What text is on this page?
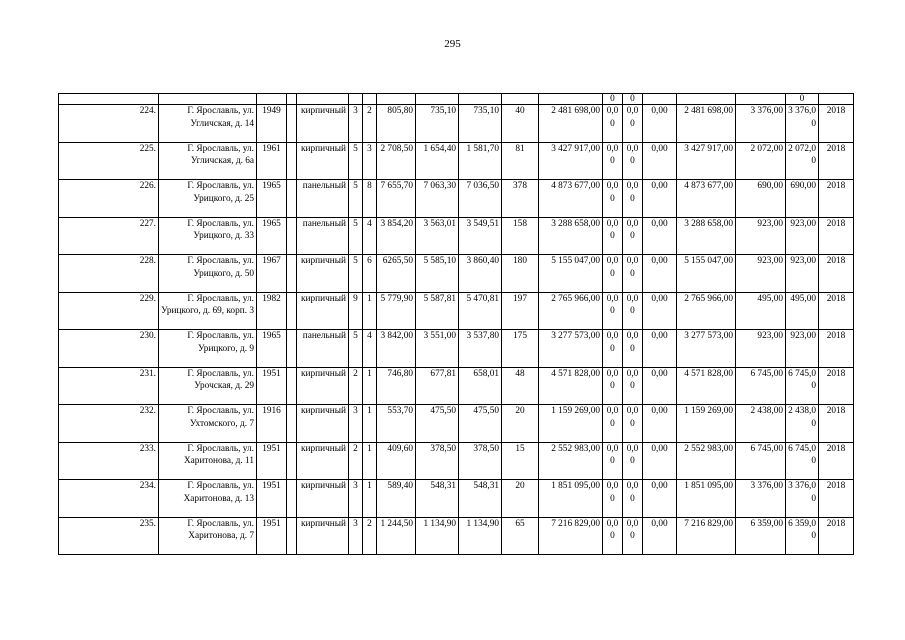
295
												0	0				0	
224.	Г. Ярославль, ул. Угличская, д. 14	1949		кирпичный	3	2	805,80	735,10	735,10	40	2 481 698,00	0,00	0,00	0,00	2 481 698,00	3 376,00	3 376,00	2018
225.	Г. Ярославль, ул. Угличская, д. 6а	1961		кирпичный	5	3	2 708,50	1 654,40	1 581,70	81	3 427 917,00	0,00	0,00	0,00	3 427 917,00	2 072,00	2 072,00	2018
226.	Г. Ярославль, ул. Урицкого, д. 25	1965		панельный	5	8	7 655,70	7 063,30	7 036,50	378	4 873 677,00	0,00	0,00	0,00	4 873 677,00	690,00	690,00	2018
227.	Г. Ярославль, ул. Урицкого, д. 33	1965		панельный	5	4	3 854,20	3 563,01	3 549,51	158	3 288 658,00	0,00	0,00	0,00	3 288 658,00	923,00	923,00	2018
228.	Г. Ярославль, ул. Урицкого, д. 50	1967		кирпичный	5	6	6265,50	5 585,10	3 860,40	180	5 155 047,00	0,00	0,00	0,00	5 155 047,00	923,00	923,00	2018
229.	Г. Ярославль, ул. Урицкого, д. 69, корп. 3	1982		кирпичный	9	1	5 779,90	5 587,81	5 470,81	197	2 765 966,00	0,00	0,00	0,00	2 765 966,00	495,00	495,00	2018
230.	Г. Ярославль, ул. Урицкого, д. 9	1965		панельный	5	4	3 842,00	3 551,00	3 537,80	175	3 277 573,00	0,00	0,00	0,00	3 277 573,00	923,00	923,00	2018
231.	Г. Ярославль, ул. Урочская, д. 29	1951		кирпичный	2	1	746,80	677,81	658,01	48	4 571 828,00	0,00	0,00	0,00	4 571 828,00	6 745,00	6 745,00	2018
232.	Г. Ярославль, ул. Ухтомского, д. 7	1916		кирпичный	3	1	553,70	475,50	475,50	20	1 159 269,00	0,00	0,00	0,00	1 159 269,00	2 438,00	2 438,00	2018
233.	Г. Ярославль, ул. Харитонова, д. 11	1951		кирпичный	2	1	409,60	378,50	378,50	15	2 552 983,00	0,00	0,00	0,00	2 552 983,00	6 745,00	6 745,00	2018
234.	Г. Ярославль, ул. Харитонова, д. 13	1951		кирпичный	3	1	589,40	548,31	548,31	20	1 851 095,00	0,00	0,00	0,00	1 851 095,00	3 376,00	3 376,00	2018
235.	Г. Ярославль, ул. Харитонова, д. 7	1951		кирпичный	3	2	1 244,50	1 134,90	1 134,90	65	7 216 829,00	0,00	0,00	0,00	7 216 829,00	6 359,00	6 359,00	2018
